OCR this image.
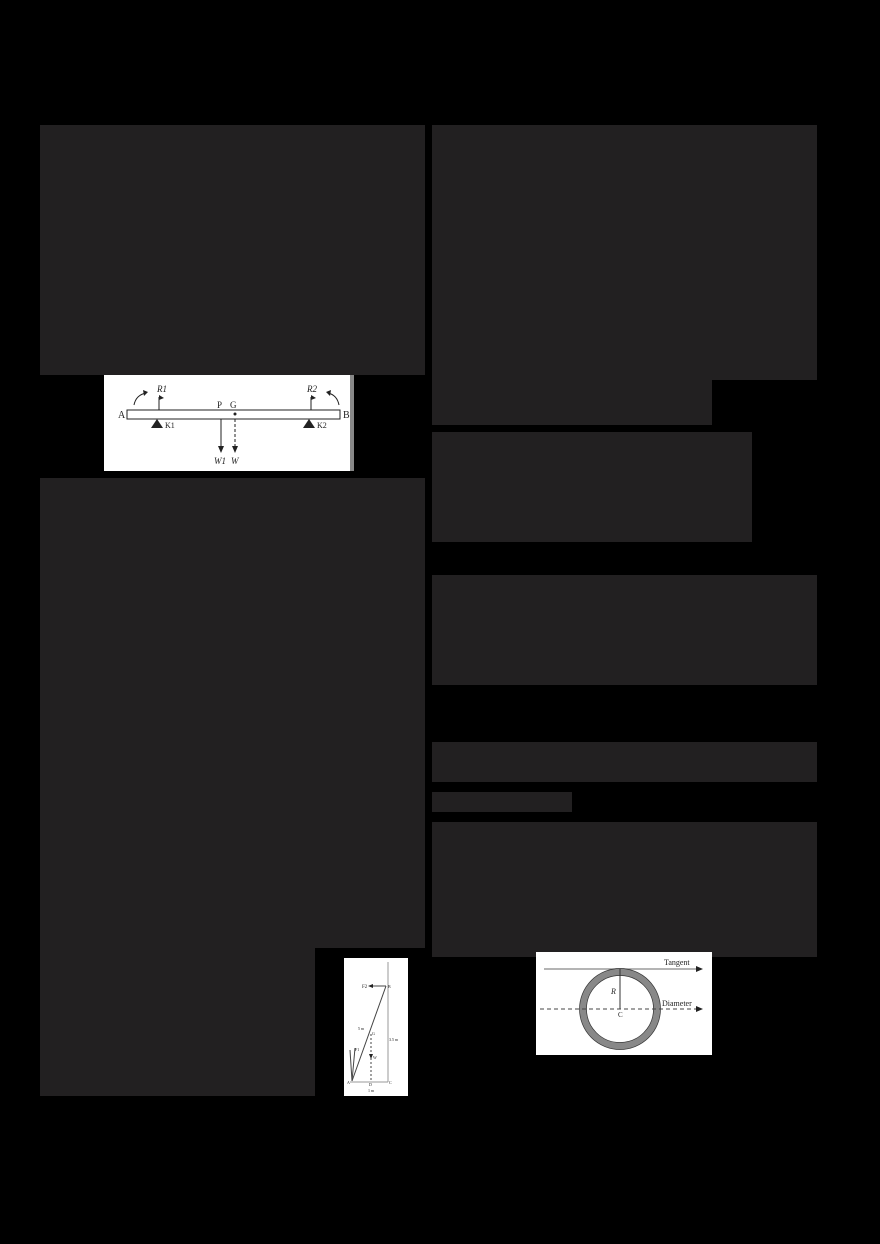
A	B
K1	K2
R1	R2
P G
W1 W
F2	B
W
G
5 m
3.5 m
F1
A	C
D
1 m
Tangent
R
C
Diameter
